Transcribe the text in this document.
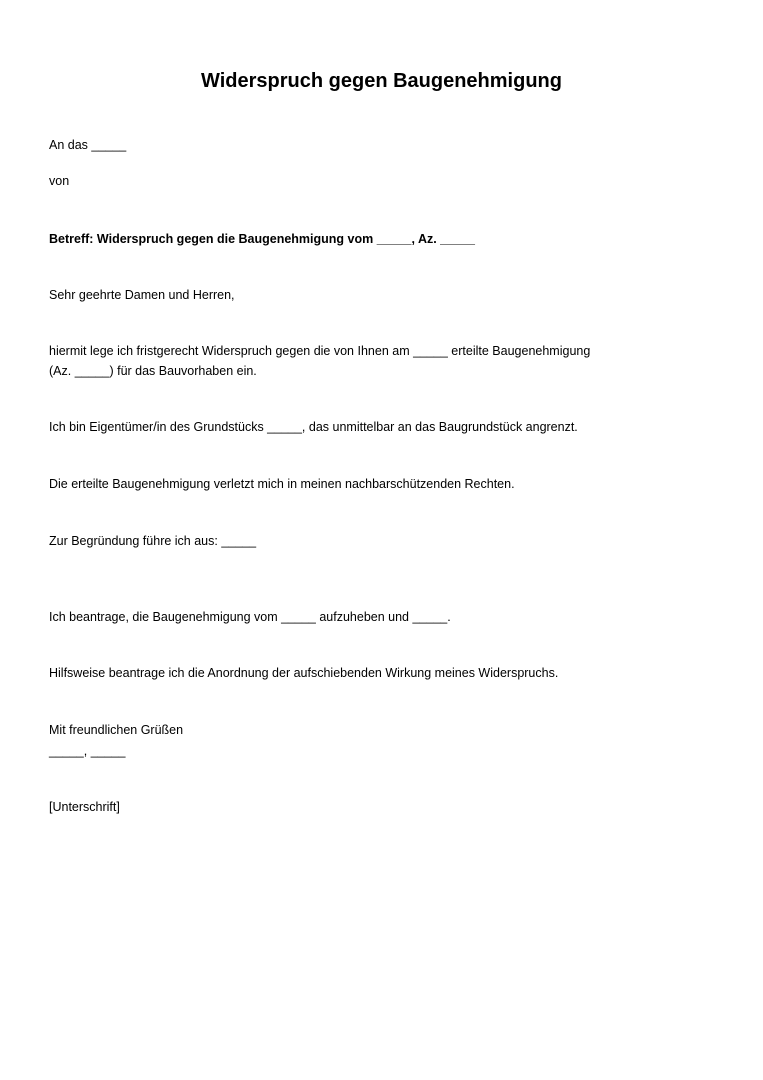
Widerspruch gegen Baugenehmigung

An das _____

von

Betreff: Widerspruch gegen die Baugenehmigung vom _____, Az. _____

Sehr geehrte Damen und Herren,

hiermit lege ich fristgerecht Widerspruch gegen die von Ihnen am _____ erteilte Baugenehmigung

(Az. _____) für das Bauvorhaben ein.

Ich bin Eigentümer/in des Grundstücks _____, das unmittelbar an das Baugrundstück angrenzt.

Die erteilte Baugenehmigung verletzt mich in meinen nachbarschützenden Rechten.

Zur Begründung führe ich aus: _____

Ich beantrage, die Baugenehmigung vom _____ aufzuheben und _____.

Hilfsweise beantrage ich die Anordnung der aufschiebenden Wirkung meines Widerspruchs.

Mit freundlichen Grüßen

_____, _____

[Unterschrift]
